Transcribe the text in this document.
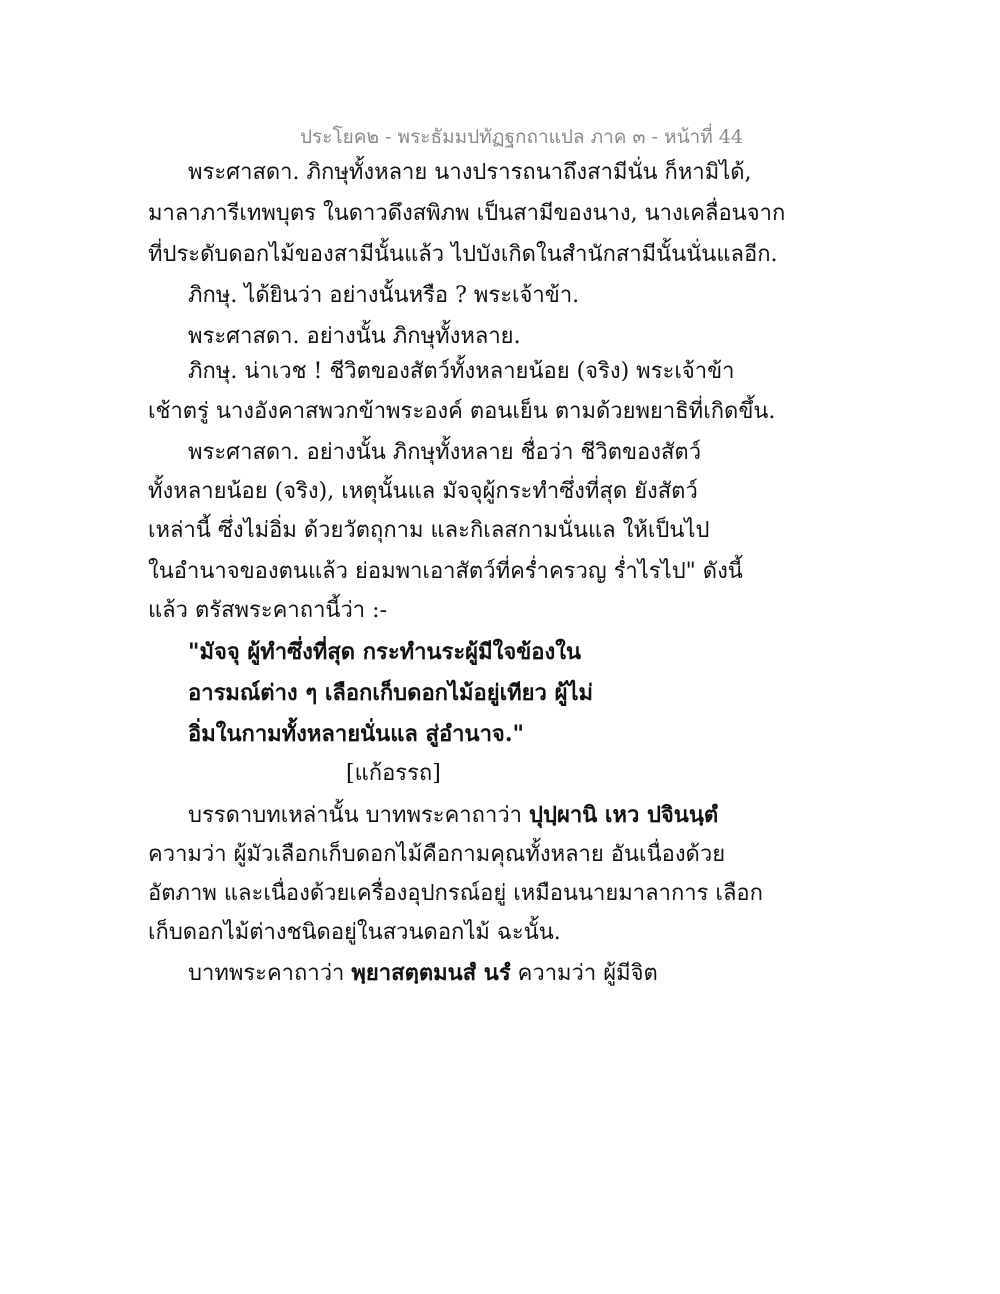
ประโยค๒ - พระธัมมปทัฏฐกถาแปล ภาค ๓ - หน้าที่ 44
พระศาสดา. ภิกษุทั้งหลาย นางปรารถนาถึงสามีนั่น ก็หามิได้,
มาลาภารีเทพบุตร ในดาวดึงสพิภพ เป็นสามีของนาง, นางเคลื่อนจาก
ที่ประดับดอกไม้ของสามีนั้นแล้ว ไปบังเกิดในสำนักสามีนั้นนั่นแลอีก.
ภิกษุ. ได้ยินว่า อย่างนั้นหรือ ? พระเจ้าข้า.
พระศาสดา. อย่างนั้น ภิกษุทั้งหลาย.
ภิกษุ. น่าเวช ! ชีวิตของสัตว์ทั้งหลายน้อย (จริง) พระเจ้าข้า
เช้าตรู่ นางอังคาสพวกข้าพระองค์ ตอนเย็น ตามด้วยพยาธิที่เกิดขึ้น.
พระศาสดา. อย่างนั้น ภิกษุทั้งหลาย ชื่อว่า ชีวิตของสัตว์
ทั้งหลายน้อย (จริง), เหตุนั้นแล มัจจุผู้กระทำซึ่งที่สุด ยังสัตว์
เหล่านี้ ซึ่งไม่อิ่ม ด้วยวัตถุกาม และกิเลสกามนั่นแล ให้เป็นไป
ในอำนาจของตนแล้ว ย่อมพาเอาสัตว์ที่คร่ำครวญ ร่ำไรไป" ดังนี้
แล้ว ตรัสพระคาถานี้ว่า :-
"มัจจุ ผู้ทำซึ่งที่สุด กระทำนระผู้มีใจข้องใน
อารมณ์ต่าง ๆ เลือกเก็บดอกไม้อยู่เทียว ผู้ไม่
อิ่มในกามทั้งหลายนั่นแล สู่อำนาจ."
[แก้อรรถ]
บรรดาบทเหล่านั้น บาทพระคาถาว่า ปุปฺผานิ เหว ปจินนฺตํ
ความว่า ผู้มัวเลือกเก็บดอกไม้คือกามคุณทั้งหลาย อันเนื่องด้วย
อัตภาพ และเนื่องด้วยเครื่องอุปกรณ์อยู่ เหมือนนายมาลาการ เลือก
เก็บดอกไม้ต่างชนิดอยู่ในสวนดอกไม้ ฉะนั้น.
บาทพระคาถาว่า พฺยาสตฺตมนสํ นรํ ความว่า ผู้มีจิต
